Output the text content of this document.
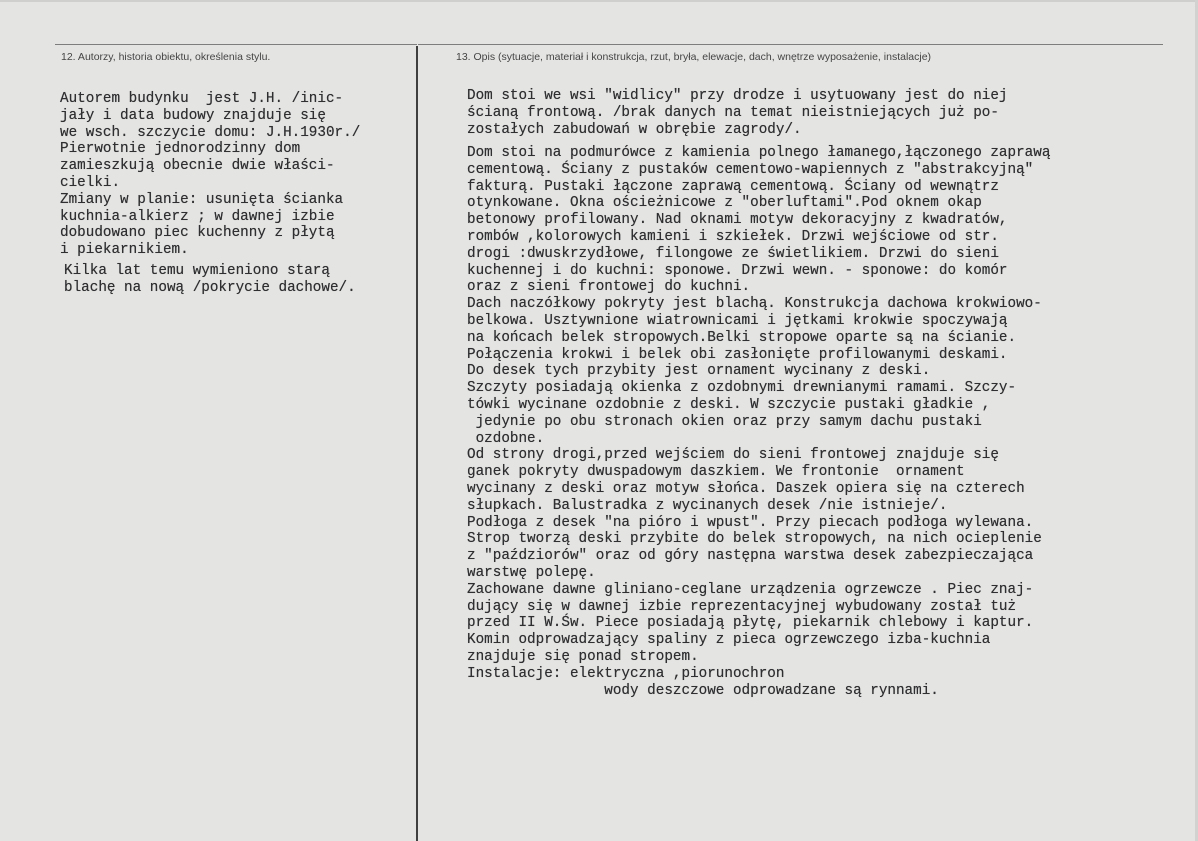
12. Autorzy, historia obiektu, określenia stylu.	13. Opis (sytuacje, materiał i konstrukcja, rzut, bryła, elewacje, dach, wnętrze wyposażenie, instalacje)
Autorem budynku  jest J.H. /inic-
jały i data budowy znajduje się
we wsch. szczycie domu: J.H.1930r./
Pierwotnie jednorodzinny dom
zamieszkują obecnie dwie właści-
cielki.
Zmiany w planie: usunięta ścianka
kuchnia-alkierz ; w dawnej izbie
dobudowano piec kuchenny z płytą
i piekarnikiem.
Kilka lat temu wymieniono starą
blachę na nową /pokrycie dachowe/.
Dom stoi we wsi "widlicy" przy drodze i usytuowany jest do niej
ścianą frontową. /brak danych na temat nieistniejących już po-
zostałych zabudowań w obrębie zagrody/.
Dom stoi na podmurówce z kamienia polnego łamanego,łączonego zaprawą
cementową. Ściany z pustaków cementowo-wapiennych z "abstrakcyjną"
fakturą. Pustaki łączone zaprawą cementową. Ściany od wewnątrz
otynkowane. Okna ościeżnicowe z "oberluftami".Pod oknem okap
betonowy profilowany. Nad oknami motyw dekoracyjny z kwadratów,
rombów ,kolorowych kamieni i szkiełek. Drzwi wejściowe od str.
drogi :dwuskrzydłowe, filongowe ze świetlikiem. Drzwi do sieni
kuchennej i do kuchni: sponowe. Drzwi wewn. - sponowe: do komór
oraz z sieni frontowej do kuchni.
Dach naczółkowy pokryty jest blachą. Konstrukcja dachowa krokwiowo-
belkowa. Usztywnione wiatrownicami i jętkami krokwie spoczywają
na końcach belek stropowych.Belki stropowe oparte są na ścianie.
Połączenia krokwi i belek obi zasłonięte profilowanymi deskami.
Do desek tych przybity jest ornament wycinany z deski.
Szczyty posiadają okienka z ozdobnymi drewnianymi ramami. Szczy-
tówki wycinane ozdobnie z deski. W szczycie pustaki gładkie ,
jedynie po obu stronach okien oraz przy samym dachu pustaki
ozdobne.
Od strony drogi,przed wejściem do sieni frontowej znajduje się
ganek pokryty dwuspadowym daszkiem. We frontonie  ornament
wycinany z deski oraz motyw słońca. Daszek opiera się na czterech
słupkach. Balustradka z wycinanych desek /nie istnieje/.
Podłoga z desek "na pióro i wpust". Przy piecach podłoga wylewana.
Strop tworzą deski przybite do belek stropowych, na nich ocieplenie
z "paździorów" oraz od góry następna warstwa desek zabezpieczająca
warstwę polepę.
Zachowane dawne gliniano-ceglane urządzenia ogrzewcze . Piec znaj-
dujący się w dawnej izbie reprezentacyjnej wybudowany został tuż
przed II W.Św. Piece posiadają płytę, piekarnik chlebowy i kaptur.
Komin odprowadzający spaliny z pieca ogrzewczego izba-kuchnia
znajduje się ponad stropem.
Instalacje: elektryczna ,piorunochron
wody deszczowe odprowadzane są rynnami.
